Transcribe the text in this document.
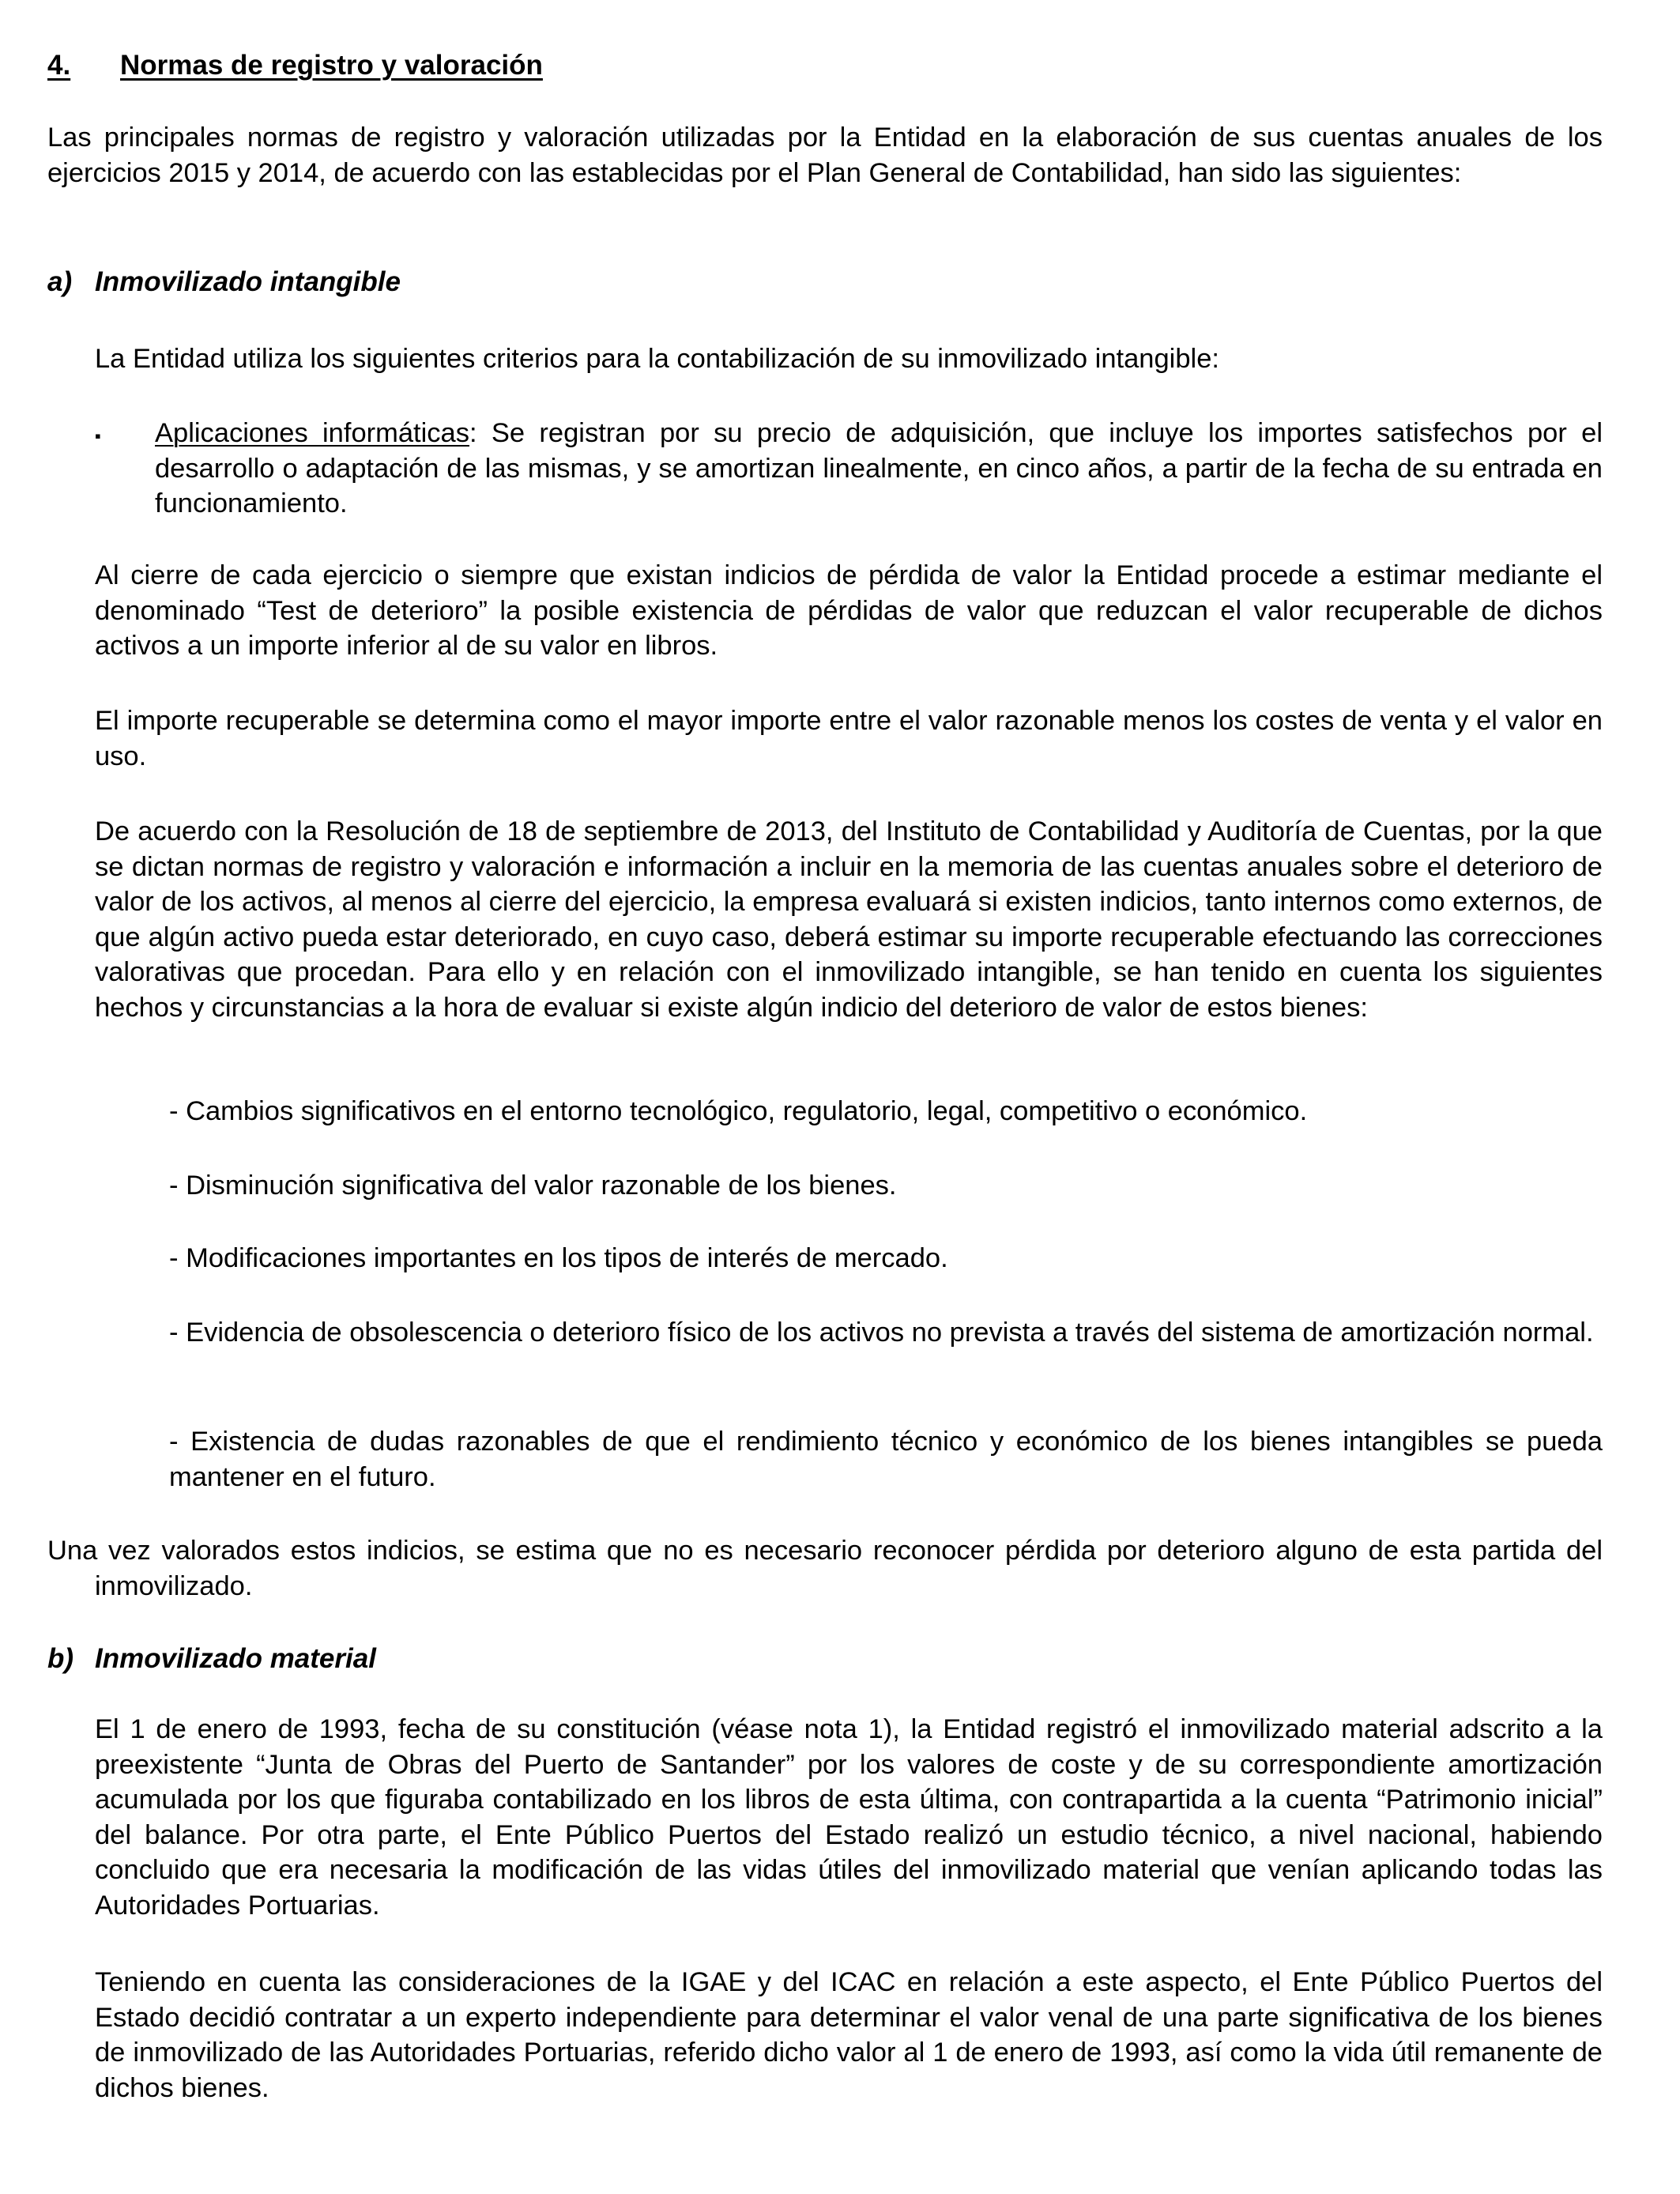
4. Normas de registro y valoración

Las principales normas de registro y valoración utilizadas por la Entidad en la elaboración de sus cuentas anuales de los ejercicios 2015 y 2014, de acuerdo con las establecidas por el Plan General de Contabilidad, han sido las siguientes:

a) Inmovilizado intangible

La Entidad utiliza los siguientes criterios para la contabilización de su inmovilizado intangible:

▪ Aplicaciones informáticas: Se registran por su precio de adquisición, que incluye los importes satisfechos por el desarrollo o adaptación de las mismas, y se amortizan linealmente, en cinco años, a partir de la fecha de su entrada en funcionamiento.

Al cierre de cada ejercicio o siempre que existan indicios de pérdida de valor la Entidad procede a estimar mediante el denominado “Test de deterioro” la posible existencia de pérdidas de valor que reduzcan el valor recuperable de dichos activos a un importe inferior al de su valor en libros.

El importe recuperable se determina como el mayor importe entre el valor razonable menos los costes de venta y el valor en uso.

De acuerdo con la Resolución de 18 de septiembre de 2013, del Instituto de Contabilidad y Auditoría de Cuentas, por la que se dictan normas de registro y valoración e información a incluir en la memoria de las cuentas anuales sobre el deterioro de valor de los activos, al menos al cierre del ejercicio, la empresa evaluará si existen indicios, tanto internos como externos, de que algún activo pueda estar deteriorado, en cuyo caso, deberá estimar su importe recuperable efectuando las correcciones valorativas que procedan. Para ello y en relación con el inmovilizado intangible, se han tenido en cuenta los siguientes hechos y circunstancias a la hora de evaluar si existe algún indicio del deterioro de valor de estos bienes:

- Cambios significativos en el entorno tecnológico, regulatorio, legal, competitivo o económico.

- Disminución significativa del valor razonable de los bienes.

- Modificaciones importantes en los tipos de interés de mercado.

- Evidencia de obsolescencia o deterioro físico de los activos no prevista a través del sistema de amortización normal.

- Existencia de dudas razonables de que el rendimiento técnico y económico de los bienes intangibles se pueda mantener en el futuro.

Una vez valorados estos indicios, se estima que no es necesario reconocer pérdida por deterioro alguno de esta partida del inmovilizado.

b) Inmovilizado material

El 1 de enero de 1993, fecha de su constitución (véase nota 1), la Entidad registró el inmovilizado material adscrito a la preexistente “Junta de Obras del Puerto de Santander” por los valores de coste y de su correspondiente amortización acumulada por los que figuraba contabilizado en los libros de esta última, con contrapartida a la cuenta “Patrimonio inicial” del balance. Por otra parte, el Ente Público Puertos del Estado realizó un estudio técnico, a nivel nacional, habiendo concluido que era necesaria la modificación de las vidas útiles del inmovilizado material que venían aplicando todas las Autoridades Portuarias.

Teniendo en cuenta las consideraciones de la IGAE y del ICAC en relación a este aspecto, el Ente Público Puertos del Estado decidió contratar a un experto independiente para determinar el valor venal de una parte significativa de los bienes de inmovilizado de las Autoridades Portuarias, referido dicho valor al 1 de enero de 1993, así como la vida útil remanente de dichos bienes.
